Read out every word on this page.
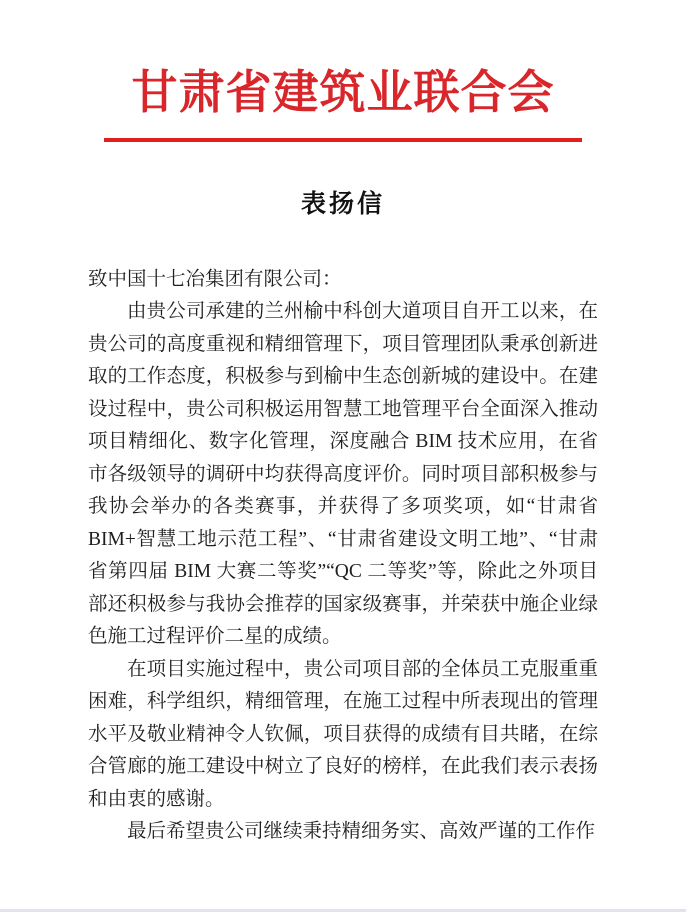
甘肃省建筑业联合会
表扬信

致中国十七冶集团有限公司：

由贵公司承建的兰州榆中科创大道项目自开工以来，在贵公司的高度重视和精细管理下，项目管理团队秉承创新进取的工作态度，积极参与到榆中生态创新城的建设中。在建设过程中，贵公司积极运用智慧工地管理平台全面深入推动项目精细化、数字化管理，深度融合 BIM 技术应用，在省市各级领导的调研中均获得高度评价。同时项目部积极参与我协会举办的各类赛事，并获得了多项奖项，如“甘肃省 BIM+智慧工地示范工程”、“甘肃省建设文明工地”、“甘肃省第四届 BIM 大赛二等奖”“QC 二等奖”等，除此之外项目部还积极参与我协会推荐的国家级赛事，并荣获中施企业绿色施工过程评价二星的成绩。

在项目实施过程中，贵公司项目部的全体员工克服重重困难，科学组织，精细管理，在施工过程中所表现出的管理水平及敬业精神令人钦佩，项目获得的成绩有目共睹，在综合管廊的施工建设中树立了良好的榜样，在此我们表示表扬和由衷的感谢。

最后希望贵公司继续秉持精细务实、高效严谨的工作作
